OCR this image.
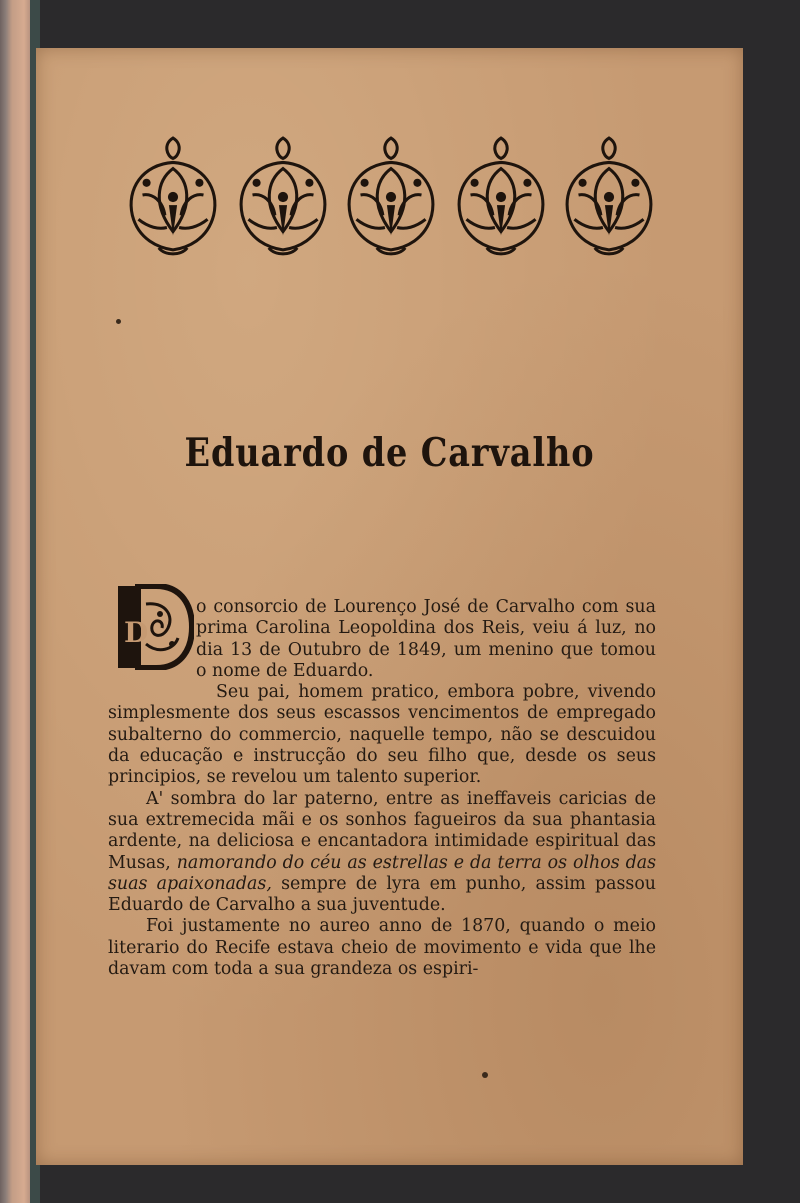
Eduardo de Carvalho
D

o consorcio de Lourenço José de Carvalho com sua prima Carolina Leopoldina dos Reis, veiu á luz, no dia 13 de Outubro de 1849, um menino que tomou o nome de Eduardo.

Seu pai, homem pratico, embora pobre, vivendo simplesmente dos seus escassos vencimentos de empregado subalterno do commercio, naquelle tempo, não se descuidou da educação e instrucção do seu filho que, desde os seus principios, se revelou um talento superior.

A' sombra do lar paterno, entre as ineffaveis caricias de sua extremecida mãi e os sonhos fagueiros da sua phantasia ardente, na deliciosa e encantadora intimidade espiritual das Musas, namorando do céu as estrellas e da terra os olhos das suas apaixonadas, sempre de lyra em punho, assim passou Eduardo de Carvalho a sua juventude.

Foi justamente no aureo anno de 1870, quando o meio literario do Recife estava cheio de movimento e vida que lhe davam com toda a sua grandeza os espiri-
